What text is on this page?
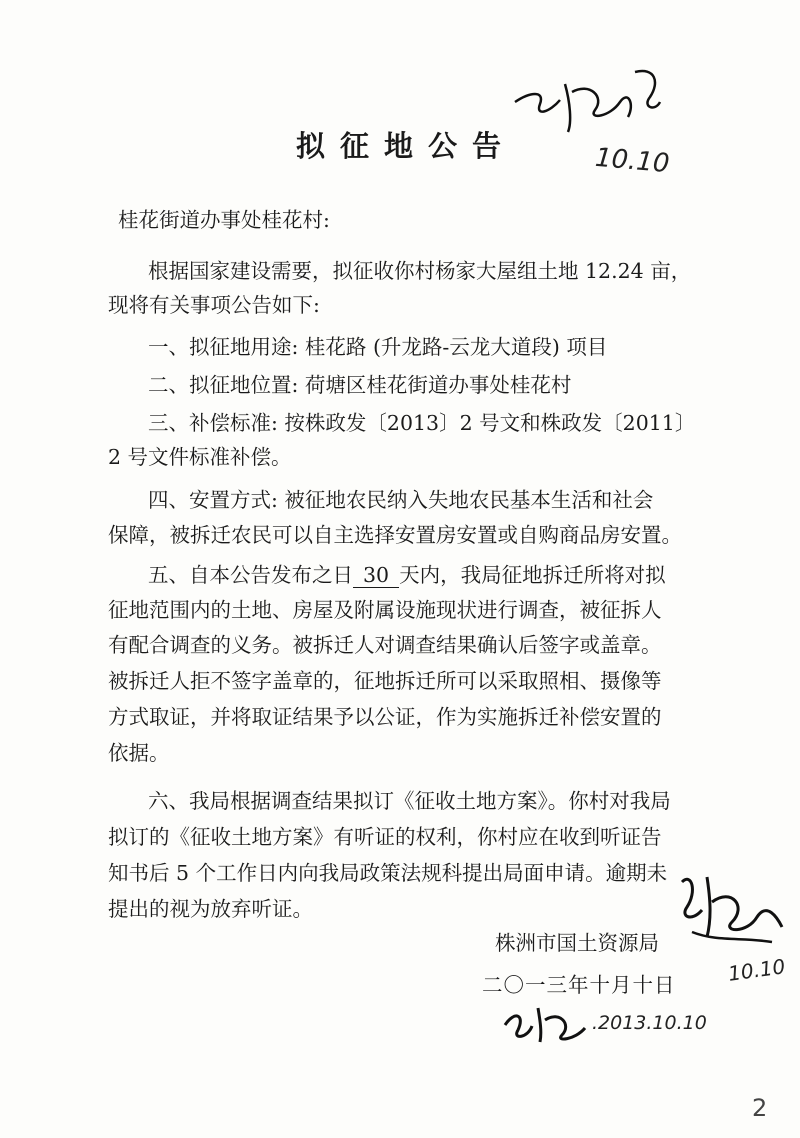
拟征地公告	10.10
桂花街道办事处桂花村:
根据国家建设需要，拟征收你村杨家大屋组土地 12.24 亩，
现将有关事项公告如下:
一、拟征地用途: 桂花路 (升龙路-云龙大道段) 项目
二、拟征地位置: 荷塘区桂花街道办事处桂花村
三、补偿标准: 按株政发〔2013〕2 号文和株政发〔2011〕
2 号文件标准补偿。
四、安置方式: 被征地农民纳入失地农民基本生活和社会
保障，被拆迁农民可以自主选择安置房安置或自购商品房安置。
五、自本公告发布之日 30 天内，我局征地拆迁所将对拟
征地范围内的土地、房屋及附属设施现状进行调查，被征拆人
有配合调查的义务。被拆迁人对调查结果确认后签字或盖章。
被拆迁人拒不签字盖章的，征地拆迁所可以采取照相、摄像等
方式取证，并将取证结果予以公证，作为实施拆迁补偿安置的
依据。
六、我局根据调查结果拟订《征收土地方案》。你村对我局
拟订的《征收土地方案》有听证的权利，你村应在收到听证告
知书后 5 个工作日内向我局政策法规科提出局面申请。逾期未
提出的视为放弃听证。
10.10
株洲市国土资源局
二〇一三年十月十日
.2013.10.10
2
